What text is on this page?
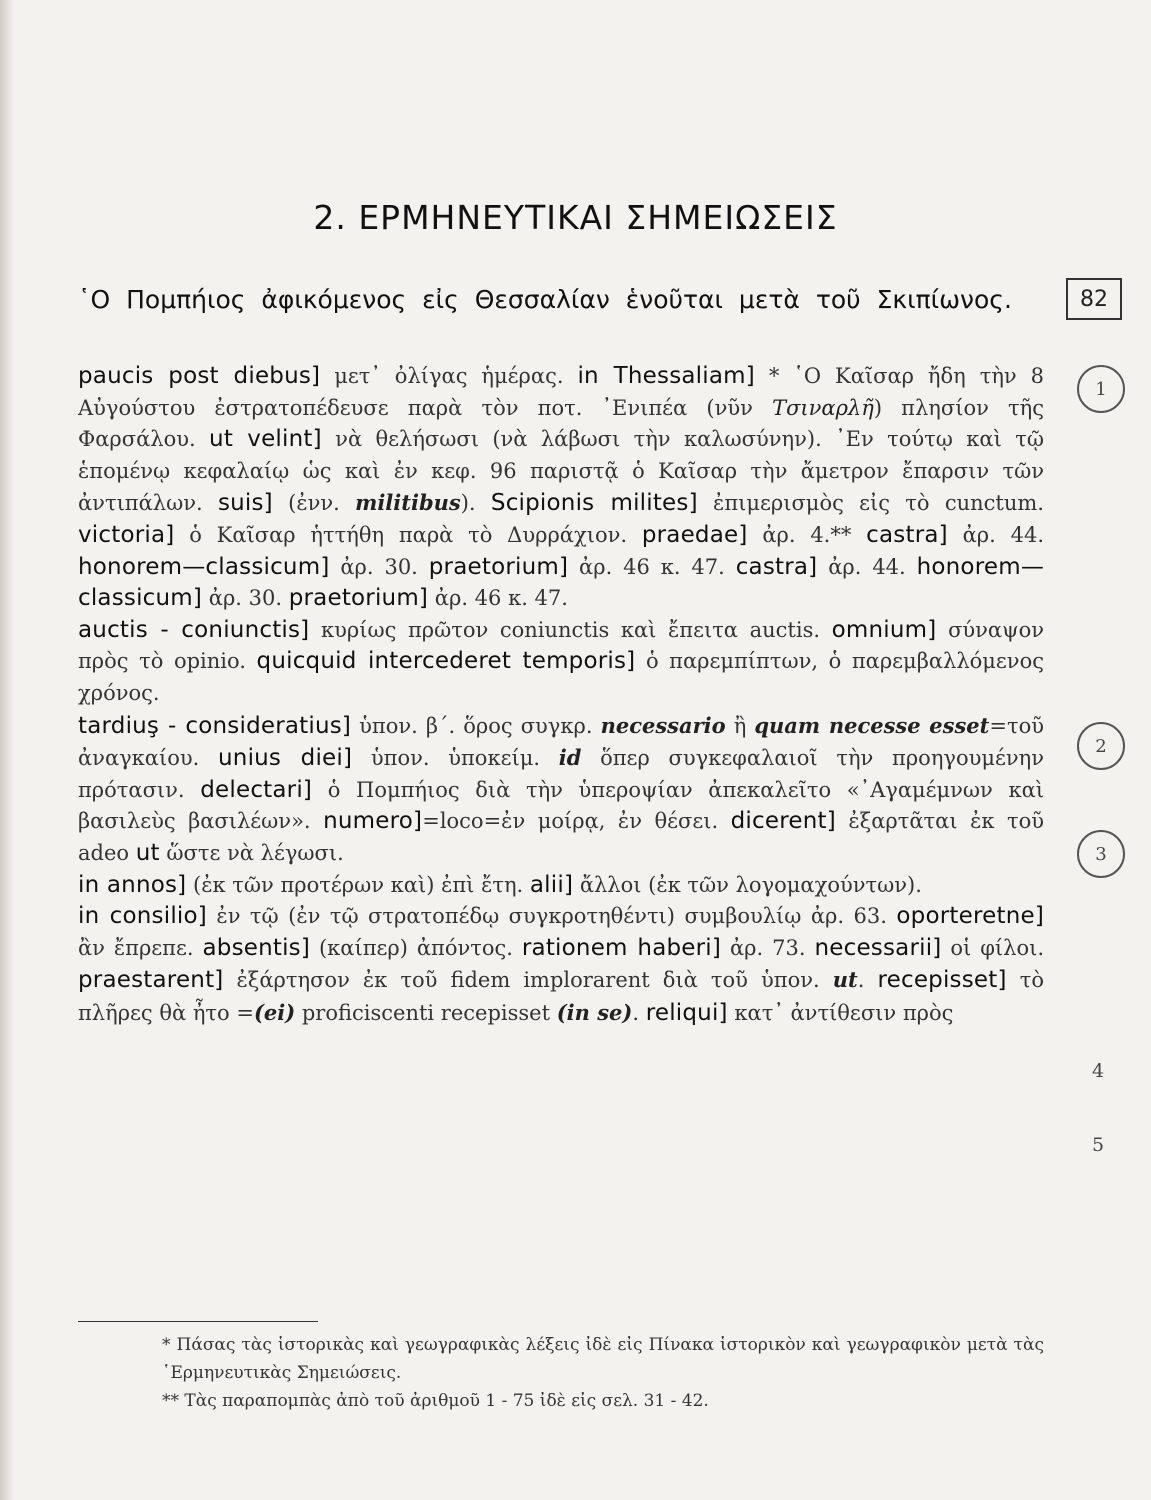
2. ΕΡΜΗΝΕΥΤΙΚΑΙ ΣΗΜΕΙΩΣΕΙΣ
῾Ο Πομπήιος ἀφικόμενος εἰς Θεσσαλίαν ἑνοῦται μετὰ τοῦ Σκιπίωνος.	82
1
2
3
4
5
paucis post diebus] μετ᾽ ὀλίγας ἡμέρας. in Thessaliam] * ῾Ο Καῖσαρ ἤδη τὴν 8 Αὐγούστου ἐστρατοπέδευσε παρὰ τὸν ποτ. ᾿Ενιπέα (νῦν Τσιναρλῆ) πλησίον τῆς Φαρσάλου. ut velint] νὰ θελήσωσι (νὰ λάβωσι τὴν καλωσύνην). ᾿Εν τούτῳ καὶ τῷ ἑπομένῳ κεφαλαίῳ ὡς καὶ ἐν κεφ. 96 παριστᾷ ὁ Καῖσαρ τὴν ἄμετρον ἔπαρσιν τῶν ἀντιπάλων. suis] (ἐνν. militibus). Scipionis milites] ἐπιμερισμὸς εἰς τὸ cunctum. victoria] ὁ Καῖσαρ ἡττήθη παρὰ τὸ Δυρράχιον. praedae] ἀρ. 4.** castra] ἀρ. 44. honorem—classicum] ἀρ. 30. praetorium] ἀρ. 46 κ. 47. castra] ἀρ. 44. honorem—classicum] ἀρ. 30. praetorium] ἀρ. 46 κ. 47.
auctis - coniunctis] κυρίως πρῶτον coniunctis καὶ ἔπειτα auctis. omnium] σύναψον πρὸς τὸ opinio. quicquid intercederet temporis] ὁ παρεμπίπτων, ὁ παρεμβαλλόμενος χρόνος.
tardiuş - consideratius] ὑπον. β΄. ὅρος συγκρ. necessario ἢ quam necesse esset=τοῦ ἀναγκαίου. unius diei] ὑπον. ὑποκείμ. id ὅπερ συγκεφαλαιοῖ τὴν προηγουμένην πρότασιν. delectari] ὁ Πομπήιος διὰ τὴν ὑπεροψίαν ἀπεκαλεῖτο «᾿Αγαμέμνων καὶ βασιλεὺς βασιλέων». numero]=loco=ἐν μοίρᾳ, ἐν θέσει. dicerent] ἐξαρτᾶται ἐκ τοῦ adeo ut ὥστε νὰ λέγωσι.
in annos] (ἐκ τῶν προτέρων καὶ) ἐπὶ ἔτη. alii] ἄλλοι (ἐκ τῶν λογομαχούντων).
in consilio] ἐν τῷ (ἐν τῷ στρατοπέδῳ συγκροτηθέντι) συμβουλίῳ ἀρ. 63. oporteretne] ἂν ἔπρεπε. absentis] (καίπερ) ἀπόντος. rationem haberi] ἀρ. 73. necessarii] οἱ φίλοι. praestarent] ἐξάρτησον ἐκ τοῦ fidem implorarent διὰ τοῦ ὑπον. ut. recepisset] τὸ πλῆρες θὰ ἦτο =(ei) proficiscenti recepisset (in se). reliqui] κατ᾽ ἀντίθεσιν πρὸς
* Πάσας τὰς ἱστορικὰς καὶ γεωγραφικὰς λέξεις ἰδὲ εἰς Πίνακα ἱστορικὸν καὶ γεωγραφικὸν μετὰ τὰς ῾Ερμηνευτικὰς Σημειώσεις.
** Τὰς παραπομπὰς ἀπὸ τοῦ ἀριθμοῦ 1 - 75 ἰδὲ εἰς σελ. 31 - 42.
